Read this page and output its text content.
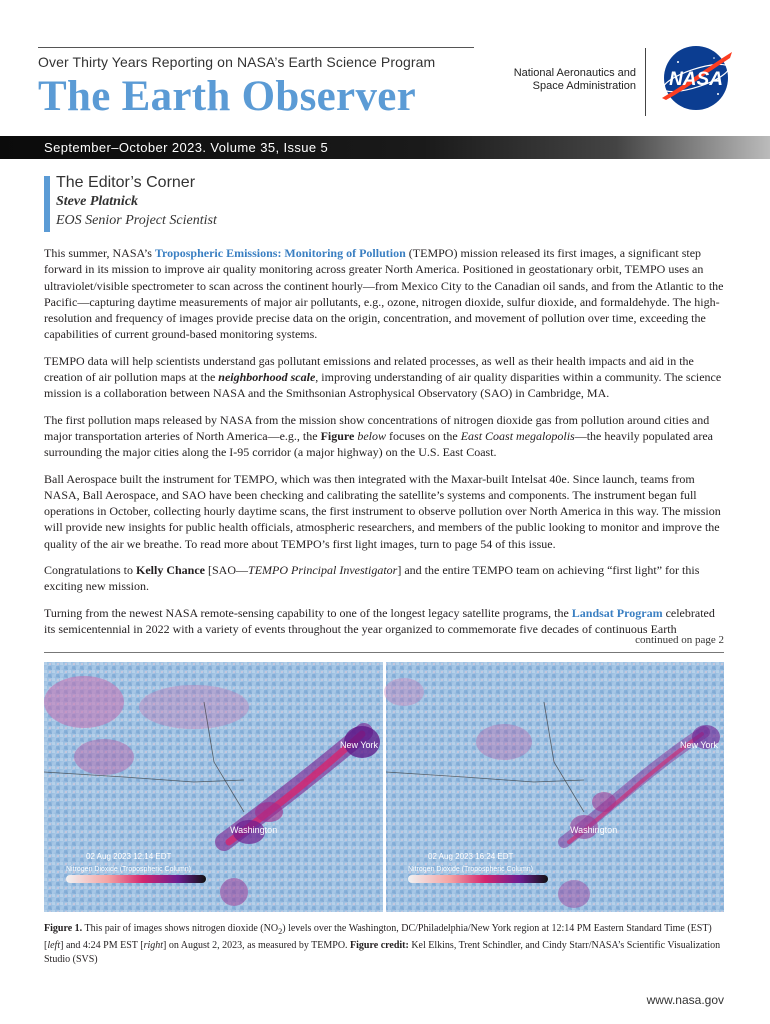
Over Thirty Years Reporting on NASA’s Earth Science Program
The Earth Observer	National Aeronautics and
Space Administration NASA
September–October 2023. Volume 35, Issue 5
The Editor’s Corner
Steve Platnick
EOS Senior Project Scientist

This summer, NASA’s Tropospheric Emissions: Monitoring of Pollution (TEMPO) mission released its first images, a significant step forward in its mission to improve air quality monitoring across greater North America. Positioned in geostationary orbit, TEMPO uses an ultraviolet/visible spectrometer to scan across the continent hourly—from Mexico City to the Canadian oil sands, and from the Atlantic to the Pacific—capturing daytime measurements of major air pollutants, e.g., ozone, nitrogen dioxide, sulfur dioxide, and formaldehyde. The high-resolution and frequency of images provide precise data on the origin, concentration, and movement of pollution over time, exceeding the capabilities of current ground-based monitoring systems.

TEMPO data will help scientists understand gas pollutant emissions and related processes, as well as their health impacts and aid in the creation of air pollution maps at the neighborhood scale, improving understanding of air quality disparities within a community. The science mission is a collaboration between NASA and the Smithsonian Astrophysical Observatory (SAO) in Cambridge, MA.

The first pollution maps released by NASA from the mission show concentrations of nitrogen dioxide gas from pollution around cities and major transportation arteries of North America—e.g., the Figure below focuses on the East Coast megalopolis—the heavily populated area surrounding the major cities along the I-95 corridor (a major highway) on the U.S. East Coast.

Ball Aerospace built the instrument for TEMPO, which was then integrated with the Maxar-built Intelsat 40e. Since launch, teams from NASA, Ball Aerospace, and SAO have been checking and calibrating the satellite’s systems and components. The instrument began full operations in October, collecting hourly daytime scans, the first instrument to observe pollution over North America in this way. The mission will provide new insights for public health officials, atmospheric researchers, and members of the public looking to monitor and improve the quality of the air we breathe. To read more about TEMPO’s first light images, turn to page 54 of this issue.

Congratulations to Kelly Chance [SAO—TEMPO Principal Investigator] and the entire TEMPO team on achieving “first light” for this exciting new mission.

Turning from the newest NASA remote-sensing capability to one of the longest legacy satellite programs, the Landsat Program celebrated its semicentennial in 2022 with a variety of events throughout the year organized to commemorate five decades of continuous Earth

continued on page 2
New York
Washington
02 Aug 2023 12:14 EDT
Nitrogen Dioxide (Tropospheric Column)
New York
Washington
02 Aug 2023 16:24 EDT
Nitrogen Dioxide (Tropospheric Column)
Figure 1. This pair of images shows nitrogen dioxide $(NO_2)$ levels over the Washington, DC/Philadelphia/New York region at 12:14 PM Eastern Standard Time (EST) [left] and 4:24 PM EST [right] on August 2, 2023, as measured by TEMPO. Figure credit: Kel Elkins, Trent Schindler, and Cindy Starr/NASA’s Scientific Visualization Studio (SVS)
www.nasa.gov
